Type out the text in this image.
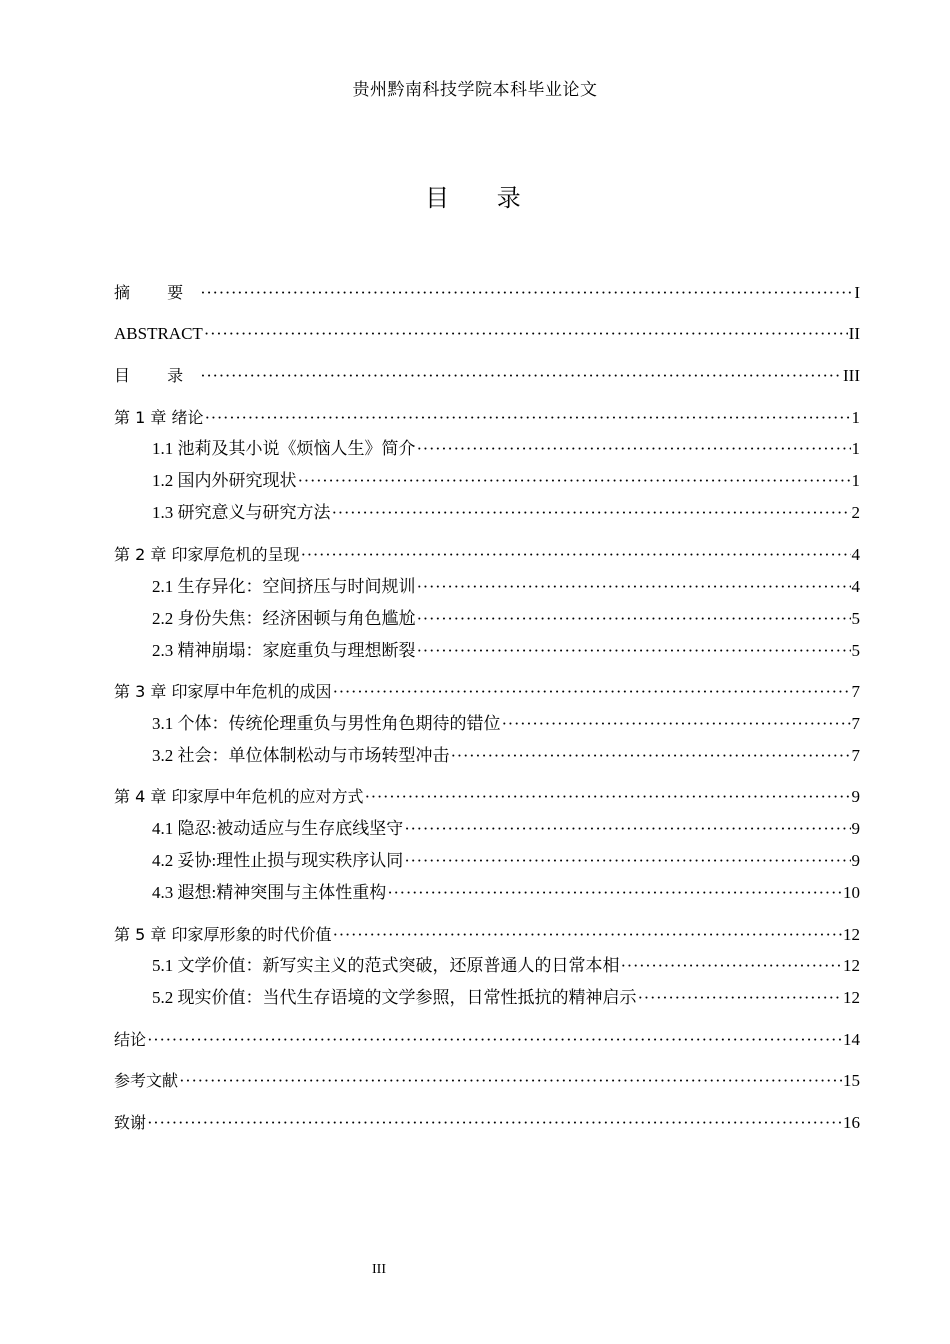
贵州黔南科技学院本科毕业论文
目 录
摘 要 ·····	I
ABSTRACT ·····	II
目 录 ·····	III
第 1 章 绪论 ·····	1
1.1 池莉及其小说《烦恼人生》简介 ·····	1
1.2 国内外研究现状 ·····	1
1.3 研究意义与研究方法 ·····	2
第 2 章 印家厚危机的呈现 ·····	4
2.1 生存异化：空间挤压与时间规训 ·····	4
2.2 身份失焦：经济困顿与角色尴尬 ·····	5
2.3 精神崩塌：家庭重负与理想断裂 ·····	5
第 3 章 印家厚中年危机的成因 ·····	7
3.1 个体：传统伦理重负与男性角色期待的错位 ·····	7
3.2 社会：单位体制松动与市场转型冲击 ·····	7
第 4 章 印家厚中年危机的应对方式 ·····	9
4.1 隐忍:被动适应与生存底线坚守 ·····	9
4.2 妥协:理性止损与现实秩序认同 ·····	9
4.3 遐想:精神突围与主体性重构 ·····	10
第 5 章 印家厚形象的时代价值 ·····	12
5.1 文学价值：新写实主义的范式突破，还原普通人的日常本相 ·····	12
5.2 现实价值：当代生存语境的文学参照，日常性抵抗的精神启示 ·····	12
结论 ·····	14
参考文献 ·····	15
致谢 ·····	16
III
